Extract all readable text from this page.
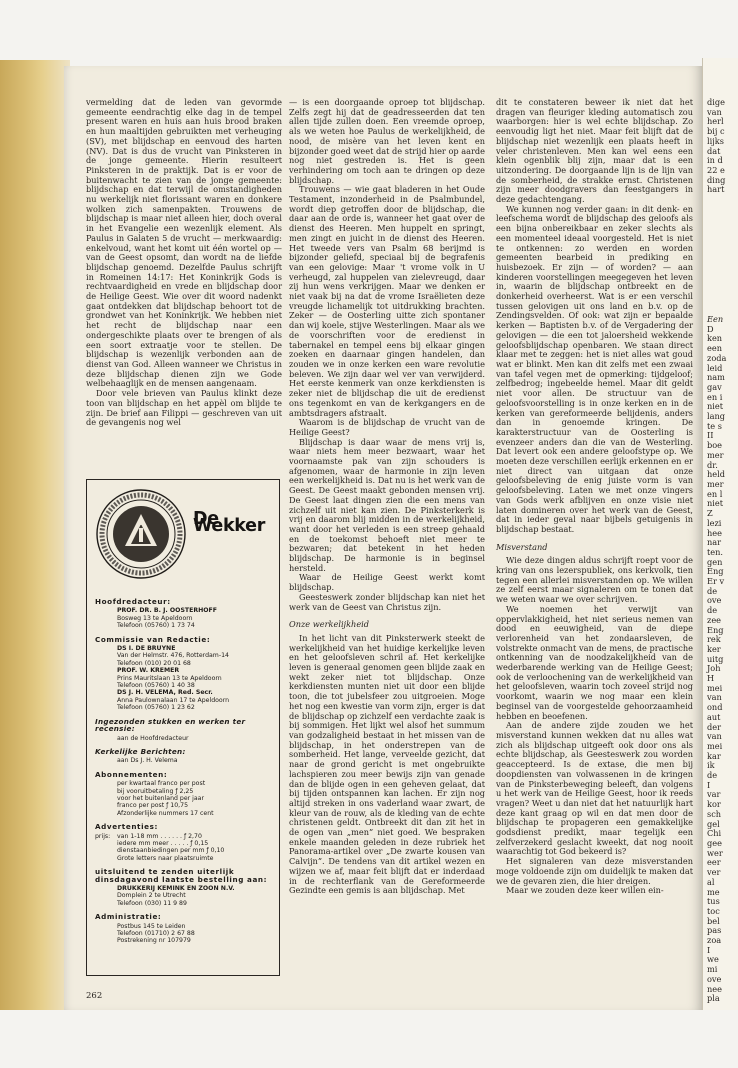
vermelding dat de leden van gevormde gemeente eendrachtig elke dag in de tempel present waren en huis aan huis brood braken en hun maaltijden gebruikten met verheuging (SV), met blijdschap en eenvoud des harten (NV). Dat is dus de vrucht van Pinksteren in de jonge gemeente. Hierin resulteert Pinksteren in de praktijk. Dat is er voor de buitenwacht te zien van de jonge gemeente: blijdschap en dat terwijl de omstandigheden nu werkelijk niet florissant waren en donkere wolken zich samenpakten. Trouwens de blijdschap is maar niet alleen hier, doch overal in het Evangelie een wezenlijk element. Als Paulus in Galaten 5 de vrucht — merkwaardig: enkelvoud, want het komt uit één wortel op — van de Geest opsomt, dan wordt na de liefde blijdschap genoemd. Dezelfde Paulus schrijft in Romeinen 14:17: Het Koninkrijk Gods is rechtvaardigheid en vrede en blijdschap door de Heilige Geest. Wie over dit woord nadenkt gaat ontdekken dat blijdschap behoort tot de grondwet van het Koninkrijk. We hebben niet het recht de blijdschap naar een ondergeschikte plaats over te brengen of als een soort extraatje voor te stellen. De blijdschap is wezenlijk verbonden aan de dienst van God. Alleen wanneer we Christus in deze blijdschap dienen zijn we Gode welbehaaglijk en de mensen aangenaam.

Door vele brieven van Paulus klinkt deze toon van blijdschap en het appèl om blijde te zijn. De brief aan Filippi — geschreven van uit de gevangenis nog wel

De Wekker
Hoofdredacteur:
PROF. DR. B. J. OOSTERHOFF
Bosweg 13 te Apeldoorn
Telefoon (05760) 1 73 74
Commissie van Redactie:
DS I. DE BRUYNE
Van der Helmstr. 476, Rotterdam-14
Telefoon (010) 20 01 68
PROF. W. KREMER
Prins Mauritslaan 13 te Apeldoorn
Telefoon (05760) 1 40 38
DS J. H. VELEMA, Red. Secr.
Anna Paulownalaan 17 te Apeldoorn
Telefoon (05760) 1 23 62
Ingezonden stukken en werken ter recensie:
aan de Hoofdredacteur
Kerkelijke Berichten:
aan Ds J. H. Velema
Abonnementen:
per kwartaal franco per post
bij vooruitbetaling ƒ 2,25
voor het buitenland per jaar
franco per post ƒ 10,75
Afzonderlijke nummers 17 cent
Advertenties:
prijs:	van 1-18 mm . . . . . . ƒ 2,70
iedere mm meer . . . . . ƒ 0,15
dienstaanbiedingen per mm ƒ 0,10
Grote letters naar plaatsruimte
uitsluitend te zenden uiterlijk dinsdagavond laatste bestelling aan:
DRUKKERIJ KEMINK EN ZOON N.V.
Domplein 2 te Utrecht
Telefoon (030) 11 9 89
Administratie:
Postbus 145 te Leiden
Telefoon (01710) 2 67 88
Postrekening nr 107979

— is een doorgaande oproep tot blijdschap. Zelfs zegt hij dat de geadresseerden dat ten allen tijde zullen doen. Een vreemde oproep, als we weten hoe Paulus de werkelijkheid, de nood, de misère van het leven kent en bijzonder goed weet dat de strijd hier op aarde nog niet gestreden is. Het is geen verhindering om toch aan te dringen op deze blijdschap.

Trouwens — wie gaat bladeren in het Oude Testament, inzonderheid in de Psalmbundel, wordt diep getroffen door de blijdschap, die daar aan de orde is, wanneer het gaat over de dienst des Heeren. Men huppelt en springt, men zingt en juicht in de dienst des Heeren. Het tweede vers van Psalm 68 berijmd is bijzonder geliefd, speciaal bij de begrafenis van een gelovige: Maar 't vrome volk in U verheugd, zal huppelen van zielevreugd, daar zij hun wens verkrijgen. Maar we denken er niet vaak bij na dat de vrome Israëlieten deze vreugde lichamelijk tot uitdrukking brachten. Zeker — de Oosterling uitte zich spontaner dan wij koele, stijve Westerlingen. Maar als we de voorschriften voor de eredienst in tabernakel en tempel eens bij elkaar gingen zoeken en daarnaar gingen handelen, dan zouden we in onze kerken een ware revolutie beleven. We zijn daar wel ver van verwijderd. Het eerste kenmerk van onze kerkdiensten is zeker niet de blijdschap die uit de eredienst ons tegenkomt en van de kerkgangers en de ambtsdragers afstraalt.

Waarom is de blijdschap de vrucht van de Heilige Geest?

Blijdschap is daar waar de mens vrij is, waar niets hem meer bezwaart, waar het voornaamste pak van zijn schouders is afgenomen, waar de harmonie in zijn leven een werkelijkheid is. Dat nu is het werk van de Geest. De Geest maakt gebonden mensen vrij. De Geest laat dingen zien die een mens van zichzelf uit niet kan zien. De Pinksterkerk is vrij en daarom blij midden in de werkelijkheid, want door het verleden is een streep gehaald en de toekomst behoeft niet meer te bezwaren; dat betekent in het heden blijdschap. De harmonie is in beginsel hersteld.

Waar de Heilige Geest werkt komt blijdschap.

Geesteswerk zonder blijdschap kan niet het werk van de Geest van Christus zijn.

Onze werkelijkheid

In het licht van dit Pinksterwerk steekt de werkelijkheid van het huidige kerkelijke leven en het geloofsleven schril af. Het kerkelijke leven is generaal genomen geen blijde zaak en wekt zeker niet tot blijdschap. Onze kerkdiensten munten niet uit door een blijde toon, die tot jubelsfeer zou uitgroeien. Moge het nog een kwestie van vorm zijn, erger is dat de blijdschap op zichzelf een verdachte zaak is bij sommigen. Het lijkt wel alsof het summum van godzaligheid bestaat in het missen van de blijdschap, in het onderstrepen van de somberheid. Het lange, verveelde gezicht, dat naar de grond gericht is met ongebruikte lachspieren zou meer bewijs zijn van genade dan de blijde ogen in een geheven gelaat, dat bij tijden ontspannen kan lachen. Er zijn nog altijd streken in ons vaderland waar zwart, de kleur van de rouw, als de kleding van de echte christenen geldt. Ontbreekt dit dan zit het in de ogen van „men” niet goed. We bespraken enkele maanden geleden in deze rubriek het Panorama-artikel over „De zwarte kousen van Calvijn”. De tendens van dit artikel wezen en wijzen we af, maar feit blijft dat er inderdaad in de rechterflank van de Gereformeerde Gezindte een gemis is aan blijdschap. Met

dit te constateren beweer ik niet dat het dragen van fleuriger kleding automatisch zou waarborgen: hier is wel echte blijdschap. Zo eenvoudig ligt het niet. Maar feit blijft dat de blijdschap niet wezenlijk een plaats heeft in veler christenleven. Men kan wel eens een klein ogenblik blij zijn, maar dat is een uitzondering. De doorgaande lijn is de lijn van de somberheid, de strakke ernst. Christenen zijn meer doodgravers dan feestgangers in deze gedachtengang.

We kunnen nog verder gaan: in dit denk- en leefschema wordt de blijdschap des geloofs als een bijna onbereikbaar en zeker slechts als een momenteel ideaal voorgesteld. Het is niet te ontkennen: zo werden en worden gemeenten bearbeid in prediking en huisbezoek. Er zijn — of worden? — aan kinderen voorstellingen meegegeven het leven in, waarin de blijdschap ontbreekt en de donkerheid overheerst. Wat is er een verschil tussen gelovigen uit ons land en b.v. op de Zendingsvelden. Of ook: wat zijn er bepaalde kerken — Baptisten b.v. of de Vergadering der gelovigen — die een tot jaloersheid wekkende geloofsblijdschap openbaren. We staan direct klaar met te zeggen: het is niet alles wat goud wat er blinkt. Men kan dit zelfs met een zwaai van tafel vegen met de opmerking: tijdgeloof; zelfbedrog; ingebeelde hemel. Maar dit geldt niet voor allen. De structuur van de geloofsvoorstelling is in onze kerken en in de kerken van gereformeerde belijdenis, anders dan in genoemde kringen. De karakterstructuur van de Oosterling is evenzeer anders dan die van de Westerling. Dat levert ook een andere geloofstype op. We moeten deze verschillen eerlijk erkennen en er niet direct van uitgaan dat onze geloofsbeleving de enig juiste vorm is van geloofsbeleving. Laten we met onze vingers van Gods werk afblijven en onze visie niet laten domineren over het werk van de Geest, dat in ieder geval naar bijbels getuigenis in blijdschap bestaat.

Misverstand

Wie deze dingen aldus schrijft roept voor de kring van ons lezerspubliek, ons kerkvolk, tien tegen een allerlei misverstanden op. We willen ze zelf eerst maar signaleren om te tonen dat we weten waar we over schrijven.

We noemen het verwijt van oppervlakkigheid, het niet serieus nemen van dood en eeuwigheid, van de diepe verlorenheid van het zondaarsleven, de volstrekte onmacht van de mens, de practische ontkenning van de noodzakelijkheid van de wederbarende werking van de Heilige Geest; ook de verloochening van de werkelijkheid van het geloofsleven, waarin toch zoveel strijd nog voorkomt, waarin we nog maar een klein beginsel van de voorgestelde gehoorzaamheid hebben en beoefenen.

Aan de andere zijde zouden we het misverstand kunnen wekken dat nu alles wat zich als blijdschap uitgeeft ook door ons als echte blijdschap, als Geesteswerk zou worden geaccepteerd. Is de extase, die men bij doopdiensten van volwassenen in de kringen van de Pinksterbeweging beleeft, dan volgens u het werk van de Heilige Geest, hoor ik reeds vragen? Weet u dan niet dat het natuurlijk hart deze kant graag op wil en dat men door de blijdschap te propageren een gemakkelijke godsdienst predikt, maar tegelijk een zelfverzekerd geslacht kweekt, dat nog nooit waarachtig tot God bekeerd is?

Het signaleren van deze misverstanden moge voldoende zijn om duidelijk te maken dat we de gevaren zien, die hier dreigen.

Maar we zouden deze keer willen ein-

262
dige
van
herl
bij c
lijks
dat
in d
22 e
ding
hart
Een
D
ken
een
zoda
leid
nam
gav
en i
niet
lang
te s
II
boe
mer
dr.
held
mer
en l
niet
Z
lezi
hee
nar
ten.
gen
Eng
Er v
de
ove
de
zee
Eng
rek
ker
uitg
Joh
H
mei
van
ond
aut
der
van
mei
kar
ik
de
I
var
kor
sch
gel
Chi
gee
wer
eer
ver
al
me
tus
toc
bel
pas
zoa
I
we
mi
ove
nee
pla
